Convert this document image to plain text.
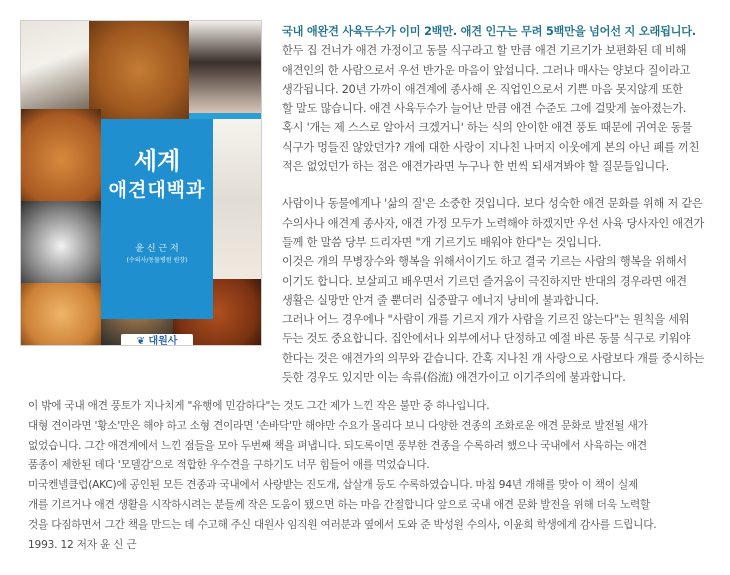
세계
애견대백과
윤 신 근 저
(수의사/동물병원 원장)
❦ 대원사

국내 애완견 사육두수가 이미 2백만. 애견 인구는 무려 5백만을 넘어선 지 오래됩니다.

한두 집 건너가 애견 가정이고 동물 식구라고 할 만큼 애견 기르기가 보편화된 데 비해

애견인의 한 사람으로서 우선 반가운 마음이 앞섭니다. 그러나 매사는 양보다 질이라고

생각됩니다. 20년 가까이 애견계에 종사해 온 직업인으로서 기쁜 마음 못지않게 또한

할 말도 많습니다. 애견 사육두수가 늘어난 만큼 애견 수준도 그에 걸맞게 높아졌는가.

혹시 '개는 제 스스로 알아서 크겠거니' 하는 식의 안이한 애견 풍토 때문에 귀여운 동물

식구가 멍들진 않았던가? 개에 대한 사랑이 지나친 나머지 이웃에게 본의 아닌 폐를 끼친

적은 없었던가 하는 점은 애견가라면 누구나 한 번씩 되새겨봐야 할 질문들입니다.

사람이나 동물에게나 '삶의 질'은 소중한 것입니다. 보다 성숙한 애견 문화를 위해 저 같은

수의사나 애견계 종사자, 애견 가정 모두가 노력해야 하겠지만 우선 사육 당사자인 애견가

들께 한 말씀 당부 드리자면 "개 기르기도 배워야 한다"는 것입니다.

이것은 개의 무병장수와 행복을 위해서이기도 하고 결국 기르는 사람의 행복을 위해서

이기도 합니다. 보살피고 배우면서 기르던 즐거움이 극진하지만 반대의 경우라면 애견

생활은 실망만 안겨 줄 뿐더러 십중팔구 에너지 낭비에 불과합니다.

그러나 어느 경우에나 "사람이 개를 기르지 개가 사람을 기르진 않는다"는 원칙을 세워

두는 것도 중요합니다. 집안에서나 외부에서나 단정하고 예절 바른 동물 식구로 키워야

한다는 것은 애견가의 의무와 같습니다. 간혹 지나친 개 사랑으로 사람보다 개를 중시하는

듯한 경우도 있지만 이는 속류(俗流) 애견가이고 이기주의에 불과합니다.

이 밖에 국내 애견 풍토가 지나치게 "유행에 민감하다"는 것도 그간 제가 느낀 작은 불만 중 하나입니다.

대형 견이라면 '황소'만은 해야 하고 소형 견이라면 '손바닥'만 해야만 수요가 몰리다 보니 다양한 견종의 조화로운 애견 문화로 발전될 새가

없었습니다. 그간 애견계에서 느낀 점들을 모아 두번째 책을 펴냅니다. 되도록이면 풍부한 견종을 수록하려 했으나 국내에서 사육하는 애견

품종이 제한된 데다 '모델감'으로 적합한 우수견을 구하기도 너무 힘들어 애를 먹었습니다.

미국켄넬클럽(AKC)에 공인된 모든 견종과 국내에서 사랑받는 진도개, 삽살개 등도 수록하였습니다. 마침 94년 개해를 맞아 이 책이 실제

개를 기르거나 애견 생활을 시작하시려는 분들께 작은 도움이 됐으면 하는 마음 간절합니다 앞으로 국내 애견 문화 발전을 위해 더욱 노력할

것을 다짐하면서 그간 책을 만드는 데 수고해 주신 대원사 임직원 여러분과 옆에서 도와 준 박성원 수의사, 이윤희 학생에게 감사를 드립니다.

1993. 12 저자 윤 신 근
